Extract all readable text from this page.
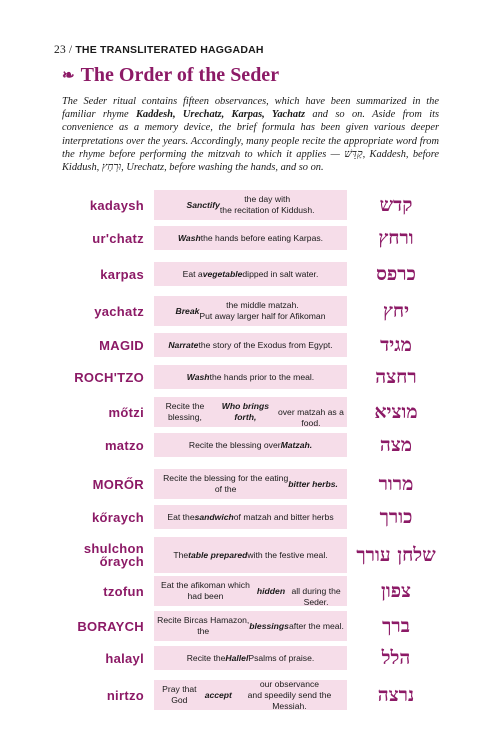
23 / THE TRANSLITERATED HAGGADAH
❧ The Order of the Seder
The Seder ritual contains fifteen observances, which have been summarized in the familiar rhyme Kaddesh, Urechatz, Karpas, Yachatz and so on. Aside from its convenience as a memory device, the brief formula has been given various deeper interpretations over the years. Accordingly, many people recite the appropriate word from the rhyme before performing the mitzvah to which it applies — קַדֵּשׁ, Kaddesh, before Kiddush, וּרְחַץ, Urechatz, before washing the hands, and so on.
kadaysh	Sanctify
the day with
the recitation of Kiddush.	קדש
ur'chatz	Wash the hands before eating Karpas.	ורחץ
karpas	Eat a vegetable dipped in salt water.	כרפס
yachatz	Break
the middle matzah.
Put away larger half for Afikoman	יחץ
MAGID	Narrate the story of the Exodus from Egypt.	מגיד
ROCH'TZO	Wash the hands prior to the meal.	רחצה
mőtzi	Recite the blessing,
Who brings forth,

over matzah as a food.	מוציא
matzo	Recite the blessing over Matzah.	מצה
MORŐR	Recite the blessing for the eating
of the
bitter herbs.	מרור
kőraych	Eat the sandwich of matzah and bitter herbs	כורך
shulchon
őraych	The table prepared with the festive meal.	שלחן עורך
tzofun	Eat the afikoman which had been
hidden all during the Seder.	צפון
BORAYCH	Recite Bircas Hamazon,
the
blessings after the meal.	ברך
halayl	Recite the Hallel Psalms of praise.	הלל
nirtzo	Pray that God
accept
our observance
and speedily send the Messiah.	נרצה
